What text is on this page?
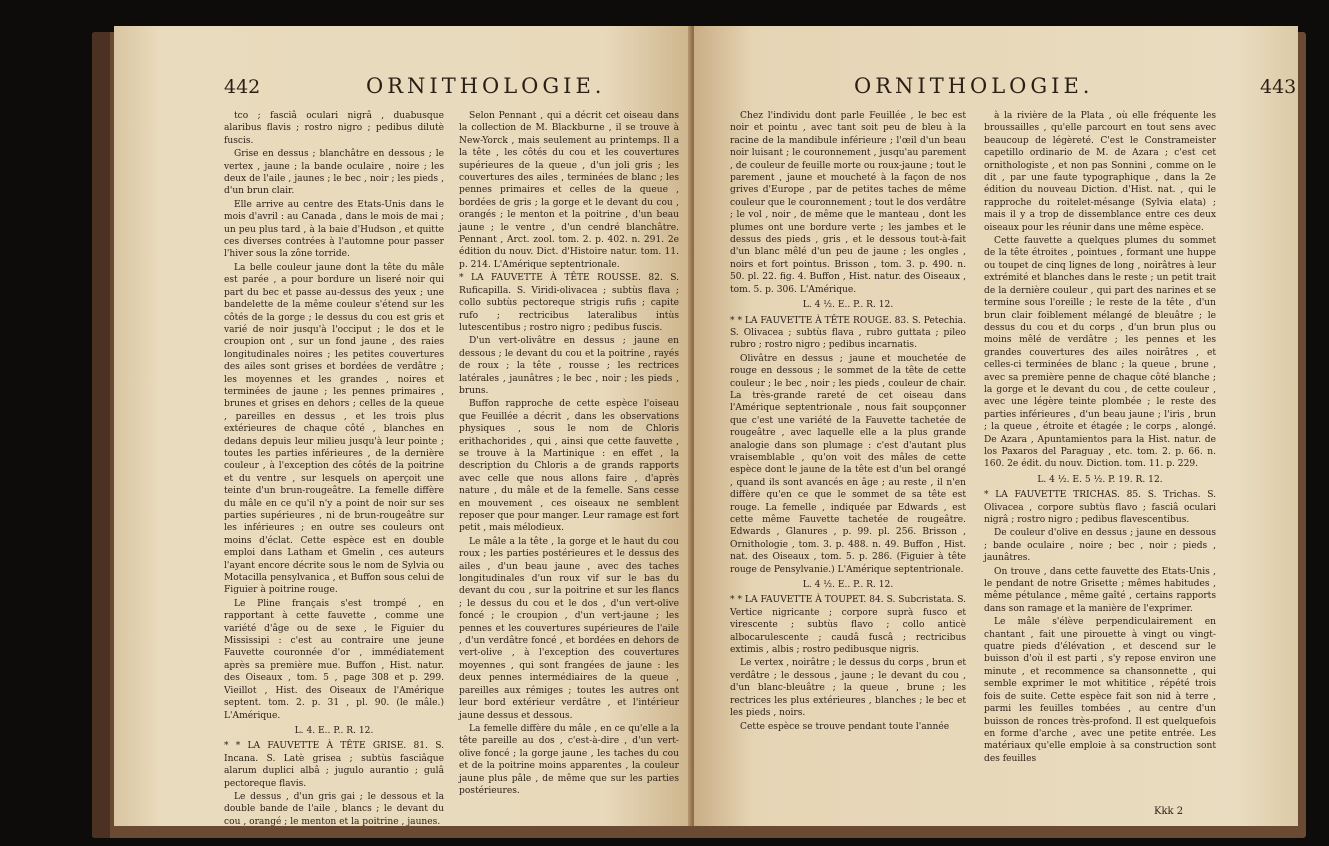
442	ORNITHOLOGIE.

tco ; fasciâ oculari nigrâ , duabusque alaribus flavis ; rostro nigro ; pedibus dilutè fuscis.

Grise en dessus ; blanchâtre en dessous ; le vertex , jaune ; la bande oculaire , noire ; les deux de l'aile , jaunes ; le bec , noir ; les pieds , d'un brun clair.

Elle arrive au centre des Etats-Unis dans le mois d'avril : au Canada , dans le mois de mai ; un peu plus tard , à la baie d'Hudson , et quitte ces diverses contrées à l'automne pour passer l'hiver sous la zône torride.

La belle couleur jaune dont la tête du mâle est parée , a pour bordure un liseré noir qui part du bec et passe au-dessus des yeux ; une bandelette de la même couleur s'étend sur les côtés de la gorge ; le dessus du cou est gris et varié de noir jusqu'à l'occiput ; le dos et le croupion ont , sur un fond jaune , des raies longitudinales noires ; les petites couvertures des ailes sont grises et bordées de verdâtre ; les moyennes et les grandes , noires et terminées de jaune ; les pennes primaires , brunes et grises en dehors ; celles de la queue , pareilles en dessus , et les trois plus extérieures de chaque côté , blanches en dedans depuis leur milieu jusqu'à leur pointe ; toutes les parties inférieures , de la dernière couleur , à l'exception des côtés de la poitrine et du ventre , sur lesquels on aperçoit une teinte d'un brun-rougeâtre. La femelle diffère du mâle en ce qu'il n'y a point de noir sur ses parties supérieures , ni de brun-rougeâtre sur les inférieures ; en outre ses couleurs ont moins d'éclat. Cette espèce est en double emploi dans Latham et Gmelin , ces auteurs l'ayant encore décrite sous le nom de Sylvia ou Motacilla pensylvanica , et Buffon sous celui de Figuier à poitrine rouge.

Le Pline français s'est trompé , en rapportant à cette fauvette , comme une variété d'âge ou de sexe , le Figuier du Mississipi : c'est au contraire une jeune Fauvette couronnée d'or , immédiatement après sa première mue. Buffon , Hist. natur. des Oiseaux , tom. 5 , page 308 et p. 299. Vieillot , Hist. des Oiseaux de l'Amérique septent. tom. 2. p. 31 , pl. 90. (le mâle.) L'Amérique.

L. 4. E.. P.. R. 12.

* * LA FAUVETTE À TÊTE GRISE. 81. S. Incana. S. Latè grisea ; subtùs fasciâque alarum duplici albâ ; jugulo aurantio ; gulâ pectoreque flavis.

Le dessus , d'un gris gai ; le dessous et la double bande de l'aile , blancs ; le devant du cou , orangé ; le menton et la poitrine , jaunes.

Selon Pennant , qui a décrit cet oiseau dans la collection de M. Blackburne , il se trouve à New-Yorck , mais seulement au printemps. Il a la tête , les côtés du cou et les couvertures supérieures de la queue , d'un joli gris ; les couvertures des ailes , terminées de blanc ; les pennes primaires et celles de la queue , bordées de gris ; la gorge et le devant du cou , orangés ; le menton et la poitrine , d'un beau jaune ; le ventre , d'un cendré blanchâtre. Pennant , Arct. zool. tom. 2. p. 402. n. 291. 2e édition du nouv. Dict. d'Histoire natur. tom. 11. p. 214. L'Amérique septentrionale.

* LA FAUVETTE À TÊTE ROUSSE. 82. S. Ruficapilla. S. Viridi-olivacea ; subtùs flava ; collo subtùs pectoreque strigis rufis ; capite rufo ; rectricibus lateralibus intùs lutescentibus ; rostro nigro ; pedibus fuscis.

D'un vert-olivâtre en dessus ; jaune en dessous ; le devant du cou et la poitrine , rayés de roux ; la tête , rousse ; les rectrices latérales , jaunâtres ; le bec , noir ; les pieds , bruns.

Buffon rapproche de cette espèce l'oiseau que Feuillée a décrit , dans les observations physiques , sous le nom de Chloris erithachorides , qui , ainsi que cette fauvette , se trouve à la Martinique : en effet , la description du Chloris a de grands rapports avec celle que nous allons faire , d'après nature , du mâle et de la femelle. Sans cesse en mouvement , ces oiseaux ne semblent reposer que pour manger. Leur ramage est fort petit , mais mélodieux.

Le mâle a la tête , la gorge et le haut du cou roux ; les parties postérieures et le dessus des ailes , d'un beau jaune , avec des taches longitudinales d'un roux vif sur le bas du devant du cou , sur la poitrine et sur les flancs ; le dessus du cou et le dos , d'un vert-olive foncé ; le croupion , d'un vert-jaune ; les pennes et les couvertures supérieures de l'aile , d'un verdâtre foncé , et bordées en dehors de vert-olive , à l'exception des couvertures moyennes , qui sont frangées de jaune : les deux pennes intermédiaires de la queue , pareilles aux rémiges ; toutes les autres ont leur bord extérieur verdâtre , et l'intérieur jaune dessus et dessous.

La femelle diffère du mâle , en ce qu'elle a la tête pareille au dos , c'est-à-dire , d'un vert-olive foncé ; la gorge jaune , les taches du cou et de la poitrine moins apparentes , la couleur jaune plus pâle , de même que sur les parties postérieures.

ORNITHOLOGIE.	443

Chez l'individu dont parle Feuillée , le bec est noir et pointu , avec tant soit peu de bleu à la racine de la mandibule inférieure ; l'œil d'un beau noir luisant ; le couronnement , jusqu'au parement , de couleur de feuille morte ou roux-jaune ; tout le parement , jaune et moucheté à la façon de nos grives d'Europe , par de petites taches de même couleur que le couronnement ; tout le dos verdâtre ; le vol , noir , de même que le manteau , dont les plumes ont une bordure verte ; les jambes et le dessus des pieds , gris , et le dessous tout-à-fait d'un blanc mêlé d'un peu de jaune ; les ongles , noirs et fort pointus. Brisson , tom. 3. p. 490. n. 50. pl. 22. fig. 4. Buffon , Hist. natur. des Oiseaux , tom. 5. p. 306. L'Amérique.

L. 4 ½. E.. P.. R. 12.

* * LA FAUVETTE À TÊTE ROUGE. 83. S. Petechia. S. Olivacea ; subtùs flava , rubro guttata ; pileo rubro ; rostro nigro ; pedibus incarnatis.

Olivâtre en dessus ; jaune et mouchetée de rouge en dessous ; le sommet de la tête de cette couleur ; le bec , noir ; les pieds , couleur de chair. La très-grande rareté de cet oiseau dans l'Amérique septentrionale , nous fait soupçonner que c'est une variété de la Fauvette tachetée de rougeâtre , avec laquelle elle a la plus grande analogie dans son plumage : c'est d'autant plus vraisemblable , qu'on voit des mâles de cette espèce dont le jaune de la tête est d'un bel orangé , quand ils sont avancés en âge ; au reste , il n'en diffère qu'en ce que le sommet de sa tête est rouge. La femelle , indiquée par Edwards , est cette même Fauvette tachetée de rougeâtre. Edwards , Glanures , p. 99. pl. 256. Brisson , Ornithologie , tom. 3. p. 488. n. 49. Buffon , Hist. nat. des Oiseaux , tom. 5. p. 286. (Figuier à tête rouge de Pensylvanie.) L'Amérique septentrionale.

L. 4 ½. E.. P.. R. 12.

* * LA FAUVETTE À TOUPET. 84. S. Subcristata. S. Vertice nigricante ; corpore suprà fusco et virescente ; subtùs flavo ; collo anticè albocarulescente ; caudâ fuscâ ; rectricibus extimis , albis ; rostro pedibusque nigris.

Le vertex , noirâtre ; le dessus du corps , brun et verdâtre ; le dessous , jaune ; le devant du cou , d'un blanc-bleuâtre ; la queue , brune ; les rectrices les plus extérieures , blanches ; le bec et les pieds , noirs.

Cette espèce se trouve pendant toute l'année

à la rivière de la Plata , où elle fréquente les broussailles , qu'elle parcourt en tout sens avec beaucoup de légèreté. C'est le Constrameister capetillo ordinario de M. de Azara ; c'est cet ornithologiste , et non pas Sonnini , comme on le dit , par une faute typographique , dans la 2e édition du nouveau Diction. d'Hist. nat. , qui le rapproche du roitelet-mésange (Sylvia elata) ; mais il y a trop de dissemblance entre ces deux oiseaux pour les réunir dans une même espèce.

Cette fauvette a quelques plumes du sommet de la tête étroites , pointues , formant une huppe ou toupet de cinq lignes de long , noirâtres à leur extrémité et blanches dans le reste ; un petit trait de la dernière couleur , qui part des narines et se termine sous l'oreille ; le reste de la tête , d'un brun clair foiblement mélangé de bleuâtre ; le dessus du cou et du corps , d'un brun plus ou moins mêlé de verdâtre ; les pennes et les grandes couvertures des ailes noirâtres , et celles-ci terminées de blanc ; la queue , brune , avec sa première penne de chaque côté blanche ; la gorge et le devant du cou , de cette couleur , avec une légère teinte plombée ; le reste des parties inférieures , d'un beau jaune ; l'iris , brun ; la queue , étroite et étagée ; le corps , alongé. De Azara , Apuntamientos para la Hist. natur. de los Paxaros del Paraguay , etc. tom. 2. p. 66. n. 160. 2e édit. du nouv. Diction. tom. 11. p. 229.

L. 4 ½. E. 5 ½. P. 19. R. 12.

* LA FAUVETTE TRICHAS. 85. S. Trichas. S. Olivacea , corpore subtùs flavo ; fasciâ oculari nigrâ ; rostro nigro ; pedibus flavescentibus.

De couleur d'olive en dessus ; jaune en dessous ; bande oculaire , noire ; bec , noir ; pieds , jaunâtres.

On trouve , dans cette fauvette des Etats-Unis , le pendant de notre Grisette ; mêmes habitudes , même pétulance , même gaîté , certains rapports dans son ramage et la manière de l'exprimer.

Le mâle s'élève perpendiculairement en chantant , fait une pirouette à vingt ou vingt-quatre pieds d'élévation , et descend sur le buisson d'où il est parti , s'y repose environ une minute , et recommence sa chansonnette , qui semble exprimer le mot whititice , répété trois fois de suite. Cette espèce fait son nid à terre , parmi les feuilles tombées , au centre d'un buisson de ronces très-profond. Il est quelquefois en forme d'arche , avec une petite entrée. Les matériaux qu'elle emploie à sa construction sont des feuilles

Kkk 2
